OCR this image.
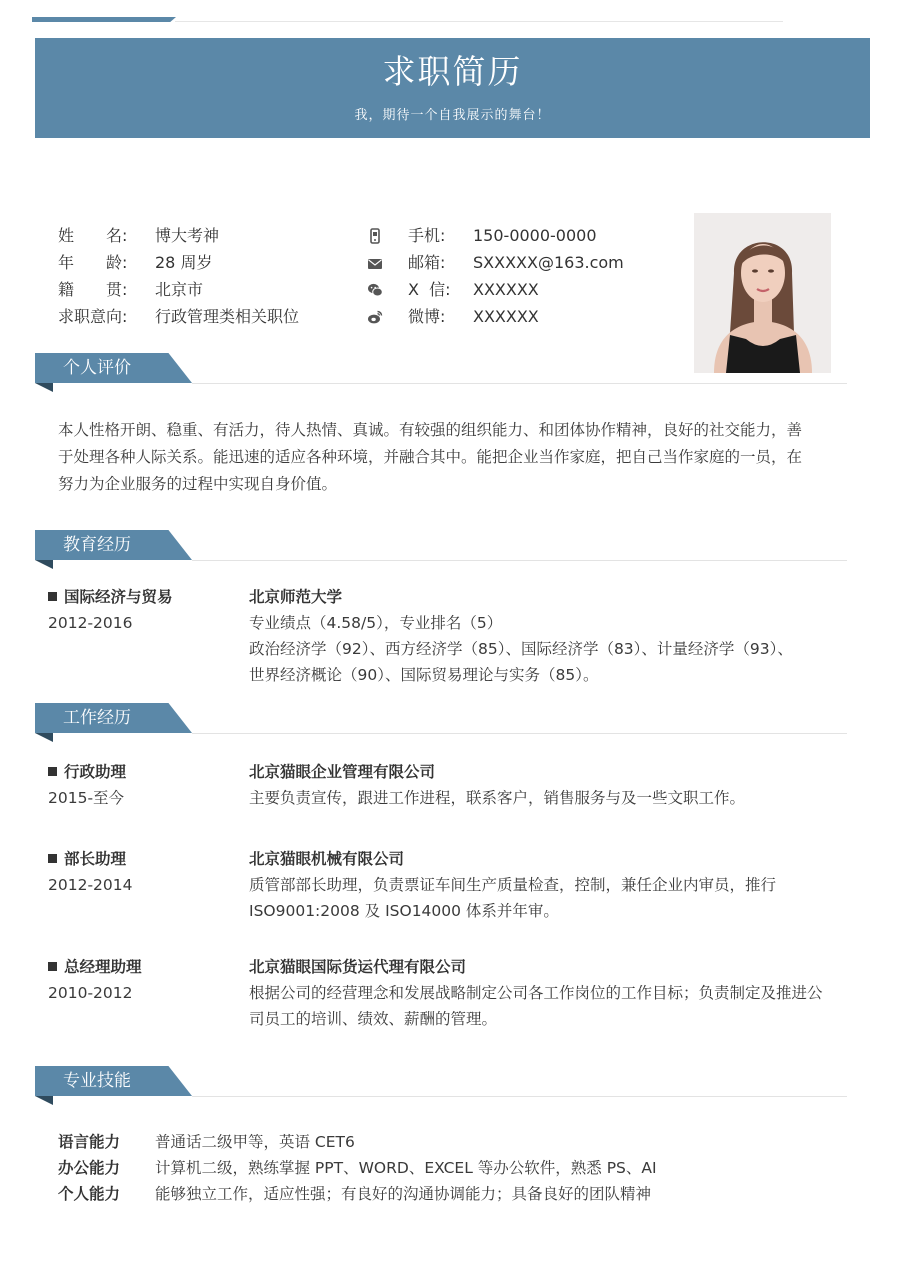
求职简历
我，期待一个自我展示的舞台！
姓　　名: 博大考神
年　　龄: 28 周岁
籍　　贯: 北京市
求职意向: 行政管理类相关职位
手机: 150-0000-0000
邮箱: SXXXXX@163.com
X  信: XXXXXX
微博: XXXXXX
个人评价
本人性格开朗、稳重、有活力，待人热情、真诚。有较强的组织能力、和团体协作精神，良好的社交能力，善
于处理各种人际关系。能迅速的适应各种环境，并融合其中。能把企业当作家庭，把自己当作家庭的一员，在
努力为企业服务的过程中实现自身价值。
教育经历
国际经济与贸易
2012-2016
北京师范大学
专业绩点（4.58/5），专业排名（5）
政治经济学（92）、西方经济学（85）、国际经济学（83）、计量经济学（93）、
世界经济概论（90）、国际贸易理论与实务（85）。
工作经历
行政助理
2015-至今
北京猫眼企业管理有限公司
主要负责宣传，跟进工作进程，联系客户，销售服务与及一些文职工作。
部长助理
2012-2014
北京猫眼机械有限公司
质管部部长助理，负责票证车间生产质量检查，控制，兼任企业内审员，推行
ISO9001:2008 及 ISO14000 体系并年审。
总经理助理
2010-2012
北京猫眼国际货运代理有限公司
根据公司的经营理念和发展战略制定公司各工作岗位的工作目标；负责制定及推进公
司员工的培训、绩效、薪酬的管理。
专业技能
语言能力 普通话二级甲等，英语 CET6
办公能力 计算机二级，熟练掌握 PPT、WORD、EXCEL 等办公软件，熟悉 PS、AI
个人能力 能够独立工作，适应性强；有良好的沟通协调能力；具备良好的团队精神
